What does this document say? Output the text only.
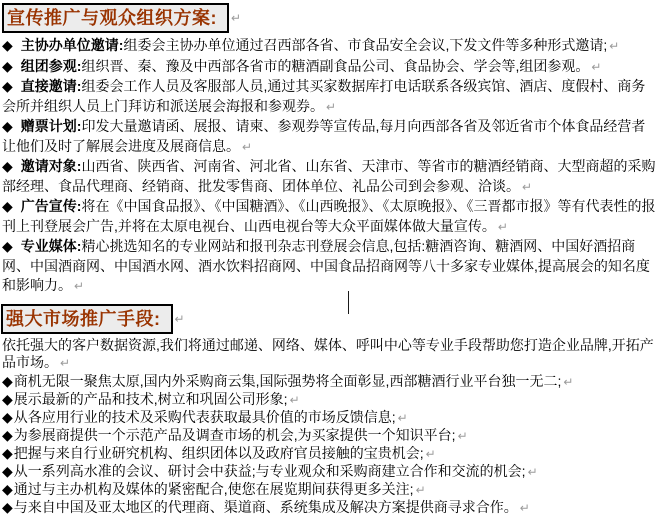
宣传推广与观众组织方案: ↵
◆ 主协办单位邀请:组委会主协办单位通过召西部各省、市食品安全会议,下发文件等多种形式邀请; ↵
◆ 组团参观:组织晋、秦、豫及中西部各省市的糖酒副食品公司、食品协会、学会等,组团参观。 ↵
◆ 直接邀请:组委会工作人员及客服部人员,通过其买家数据库打电话联系各级宾馆、酒店、度假村、商务会所并组织人员上门拜访和派送展会海报和参观券。 ↵
◆ 赠票计划:印发大量邀请函、展报、请柬、参观券等宣传品,每月向西部各省及邻近省市个体食品经营者让他们及时了解展会进度及展商信息。 ↵
◆ 邀请对象:山西省、陕西省、河南省、河北省、山东省、天津市、等省市的糖酒经销商、大型商超的采购部经理、食品代理商、经销商、批发零售商、团体单位、礼品公司到会参观、洽谈。 ↵
◆ 广告宣传:将在《中国食品报》、《中国糖酒》、《山西晚报》、《太原晚报》、《三晋都市报》等有代表性的报刊上刊登展会广告,并将在太原电视台、山西电视台等大众平面媒体做大量宣传。 ↵
◆ 专业媒体:精心挑选知名的专业网站和报刊杂志刊登展会信息,包括:糖酒咨询、糖酒网、中国好酒招商网、中国酒商网、中国酒水网、酒水饮料招商网、中国食品招商网等八十多家专业媒体,提高展会的知名度和影响力。 ↵
强大市场推广手段: ↵
依托强大的客户数据资源,我们将通过邮递、网络、媒体、呼叫中心等专业手段帮助您打造企业品牌,开拓产品市场。 ↵
◆商机无限一聚焦太原,国内外采购商云集,国际强势将全面彰显,西部糖酒行业平台独一无二; ↵
◆展示最新的产品和技术,树立和巩固公司形象; ↵
◆从各应用行业的技术及采购代表获取最具价值的市场反馈信息; ↵
◆为参展商提供一个示范产品及调查市场的机会,为买家提供一个知识平台; ↵
◆把握与来自行业研究机构、组织团体以及政府官员接触的宝贵机会; ↵
◆从一系列高水准的会议、研讨会中获益;与专业观众和采购商建立合作和交流的机会; ↵
◆通过与主办机构及媒体的紧密配合,使您在展览期间获得更多关注; ↵
◆与来自中国及亚太地区的代理商、渠道商、系统集成及解决方案提供商寻求合作。 ↵
